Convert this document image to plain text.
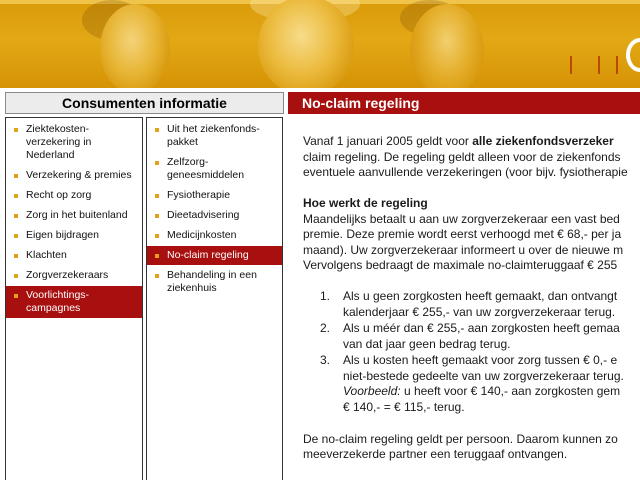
Consumenten informatie	No-claim regeling
Ziektekosten-verzekering in Nederland
Verzekering & premies
Recht op zorg
Zorg in het buitenland
Eigen bijdragen
Klachten
Zorgverzekeraars
Voorlichtings-campagnes
Uit het ziekenfonds-pakket
Zelfzorg-geneesmiddelen
Fysiotherapie
Dieetadvisering
Medicijnkosten
No-claim regeling
Behandeling in een ziekenhuis

Vanaf 1 januari 2005 geldt voor alle ziekenfondsverzeker

claim regeling. De regeling geldt alleen voor de ziekenfonds

eventuele aanvullende verzekeringen (voor bijv. fysiotherapie

Hoe werkt de regeling

Maandelijks betaalt u aan uw zorgverzekeraar een vast bed

premie. Deze premie wordt eerst verhoogd met € 68,- per ja

maand). Uw zorgverzekeraar informeert u over de nieuwe m

Vervolgens bedraagt de maximale no-claimteruggaaf € 255

1. Als u geen zorgkosten heeft gemaakt, dan ontvangt
kalenderjaar € 255,- van uw zorgverzekeraar terug.
2. Als u méér dan € 255,- aan zorgkosten heeft gemaa
van dat jaar geen bedrag terug.
3. Als u kosten heeft gemaakt voor zorg tussen € 0,- e
niet-bestede gedeelte van uw zorgverzekeraar terug.
Voorbeeld: u heeft voor € 140,- aan zorgkosten gem
€ 140,- = € 115,- terug.

De no-claim regeling geldt per persoon. Daarom kunnen zo

meeverzekerde partner een teruggaaf ontvangen.
